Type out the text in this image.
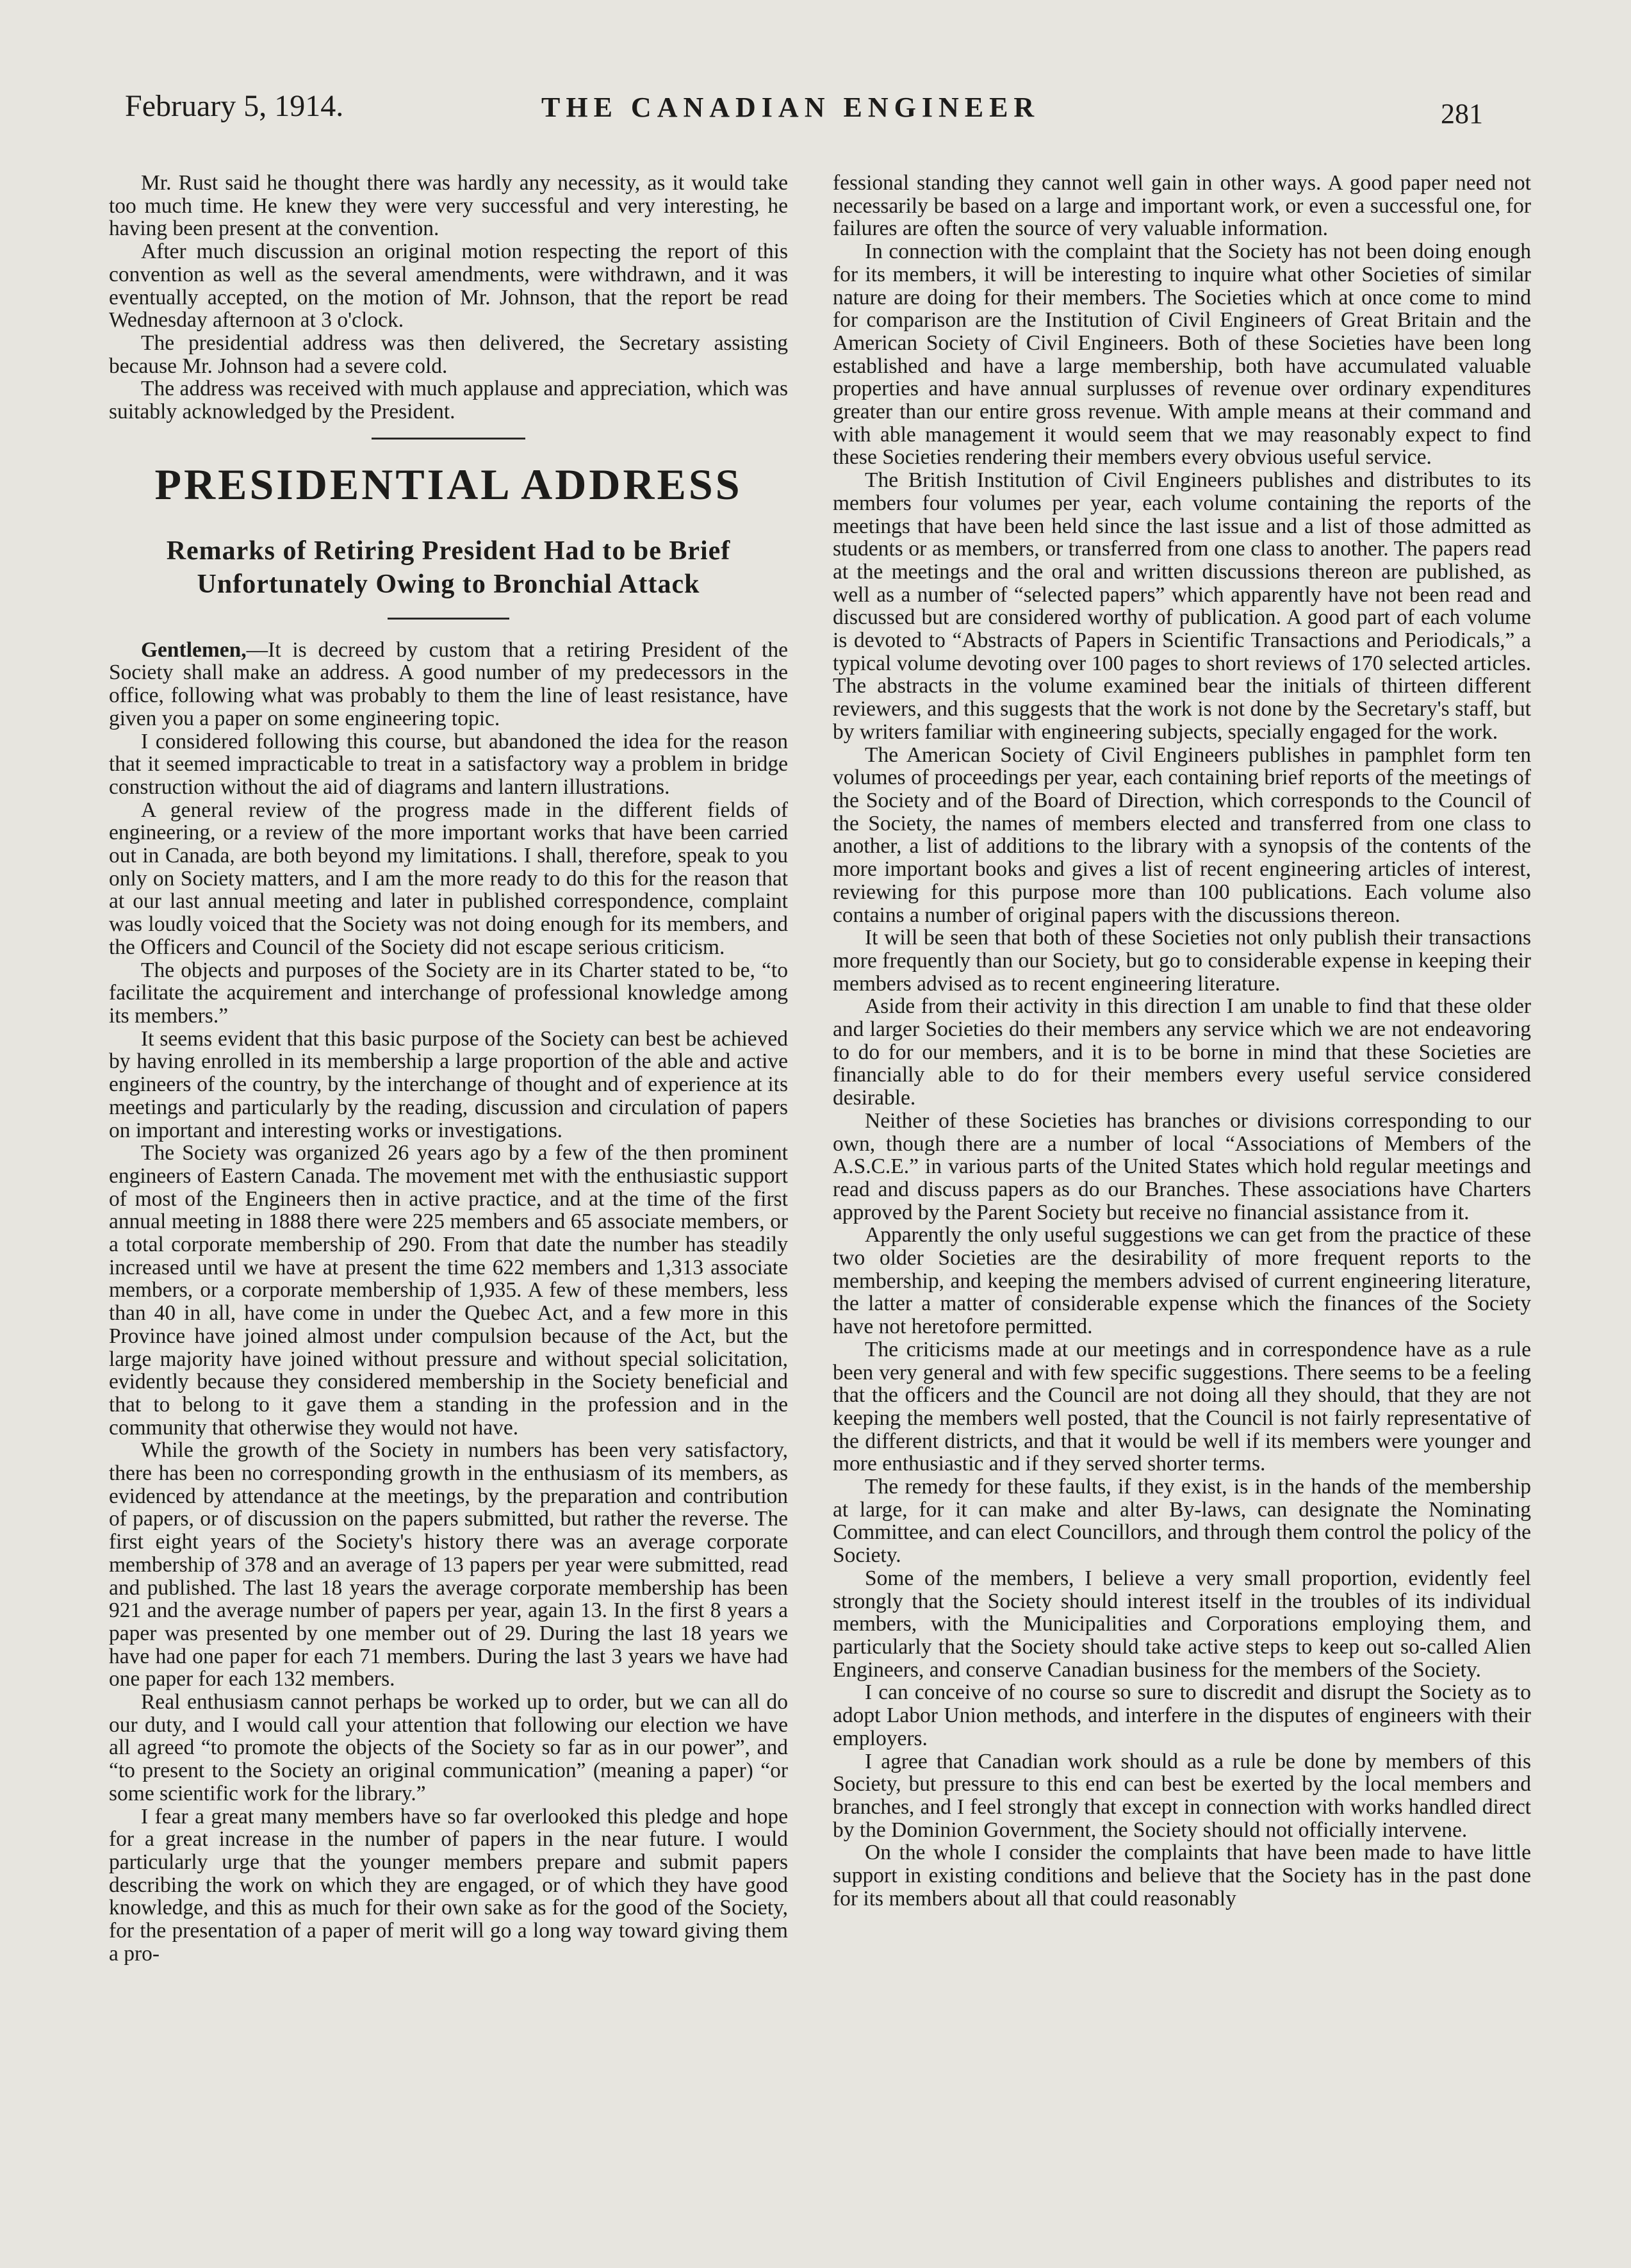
February 5, 1914.	THE CANADIAN ENGINEER	281

Mr. Rust said he thought there was hardly any necessity, as it would take too much time. He knew they were very successful and very interesting, he having been present at the convention.

After much discussion an original motion respecting the report of this convention as well as the several amendments, were withdrawn, and it was eventually accepted, on the motion of Mr. Johnson, that the report be read Wednesday afternoon at 3 o'clock.

The presidential address was then delivered, the Secretary assisting because Mr. Johnson had a severe cold.

The address was received with much applause and appreciation, which was suitably acknowledged by the President.

PRESIDENTIAL ADDRESS
Remarks of Retiring President Had to be Brief Unfortunately Owing to Bronchial Attack

Gentlemen,—It is decreed by custom that a retiring President of the Society shall make an address. A good number of my predecessors in the office, following what was probably to them the line of least resistance, have given you a paper on some engineering topic.

I considered following this course, but abandoned the idea for the reason that it seemed impracticable to treat in a satisfactory way a problem in bridge construction without the aid of diagrams and lantern illustrations.

A general review of the progress made in the different fields of engineering, or a review of the more important works that have been carried out in Canada, are both beyond my limitations. I shall, therefore, speak to you only on Society matters, and I am the more ready to do this for the reason that at our last annual meeting and later in published correspondence, complaint was loudly voiced that the Society was not doing enough for its members, and the Officers and Council of the Society did not escape serious criticism.

The objects and purposes of the Society are in its Charter stated to be, “to facilitate the acquirement and interchange of professional knowledge among its members.”

It seems evident that this basic purpose of the Society can best be achieved by having enrolled in its membership a large proportion of the able and active engineers of the country, by the interchange of thought and of experience at its meetings and particularly by the reading, discussion and circulation of papers on important and interesting works or investigations.

The Society was organized 26 years ago by a few of the then prominent engineers of Eastern Canada. The movement met with the enthusiastic support of most of the Engineers then in active practice, and at the time of the first annual meeting in 1888 there were 225 members and 65 associate members, or a total corporate membership of 290. From that date the number has steadily increased until we have at present the time 622 members and 1,313 associate members, or a corporate membership of 1,935. A few of these members, less than 40 in all, have come in under the Quebec Act, and a few more in this Province have joined almost under compulsion because of the Act, but the large majority have joined without pressure and without special solicitation, evidently because they considered membership in the Society beneficial and that to belong to it gave them a standing in the profession and in the community that otherwise they would not have.

While the growth of the Society in numbers has been very satisfactory, there has been no corresponding growth in the enthusiasm of its members, as evidenced by attendance at the meetings, by the preparation and contribution of papers, or of discussion on the papers submitted, but rather the reverse. The first eight years of the Society's history there was an average corporate membership of 378 and an average of 13 papers per year were submitted, read and published. The last 18 years the average corporate membership has been 921 and the average number of papers per year, again 13. In the first 8 years a paper was presented by one member out of 29. During the last 18 years we have had one paper for each 71 members. During the last 3 years we have had one paper for each 132 members.

Real enthusiasm cannot perhaps be worked up to order, but we can all do our duty, and I would call your attention that following our election we have all agreed “to promote the objects of the Society so far as in our power”, and “to present to the Society an original communication” (meaning a paper) “or some scientific work for the library.”

I fear a great many members have so far overlooked this pledge and hope for a great increase in the number of papers in the near future. I would particularly urge that the younger members prepare and submit papers describing the work on which they are engaged, or of which they have good knowledge, and this as much for their own sake as for the good of the Society, for the presentation of a paper of merit will go a long way toward giving them a pro-

fessional standing they cannot well gain in other ways. A good paper need not necessarily be based on a large and important work, or even a successful one, for failures are often the source of very valuable information.

In connection with the complaint that the Society has not been doing enough for its members, it will be interesting to inquire what other Societies of similar nature are doing for their members. The Societies which at once come to mind for comparison are the Institution of Civil Engineers of Great Britain and the American Society of Civil Engineers. Both of these Societies have been long established and have a large membership, both have accumulated valuable properties and have annual surplusses of revenue over ordinary expenditures greater than our entire gross revenue. With ample means at their command and with able management it would seem that we may reasonably expect to find these Societies rendering their members every obvious useful service.

The British Institution of Civil Engineers publishes and distributes to its members four volumes per year, each volume containing the reports of the meetings that have been held since the last issue and a list of those admitted as students or as members, or transferred from one class to another. The papers read at the meetings and the oral and written discussions thereon are published, as well as a number of “selected papers” which apparently have not been read and discussed but are considered worthy of publication. A good part of each volume is devoted to “Abstracts of Papers in Scientific Transactions and Periodicals,” a typical volume devoting over 100 pages to short reviews of 170 selected articles. The abstracts in the volume examined bear the initials of thirteen different reviewers, and this suggests that the work is not done by the Secretary's staff, but by writers familiar with engineering subjects, specially engaged for the work.

The American Society of Civil Engineers publishes in pamphlet form ten volumes of proceedings per year, each containing brief reports of the meetings of the Society and of the Board of Direction, which corresponds to the Council of the Society, the names of members elected and transferred from one class to another, a list of additions to the library with a synopsis of the contents of the more important books and gives a list of recent engineering articles of interest, reviewing for this purpose more than 100 publications. Each volume also contains a number of original papers with the discussions thereon.

It will be seen that both of these Societies not only publish their transactions more frequently than our Society, but go to considerable expense in keeping their members advised as to recent engineering literature.

Aside from their activity in this direction I am unable to find that these older and larger Societies do their members any service which we are not endeavoring to do for our members, and it is to be borne in mind that these Societies are financially able to do for their members every useful service considered desirable.

Neither of these Societies has branches or divisions corresponding to our own, though there are a number of local “Associations of Members of the A.S.C.E.” in various parts of the United States which hold regular meetings and read and discuss papers as do our Branches. These associations have Charters approved by the Parent Society but receive no financial assistance from it.

Apparently the only useful suggestions we can get from the practice of these two older Societies are the desirability of more frequent reports to the membership, and keeping the members advised of current engineering literature, the latter a matter of considerable expense which the finances of the Society have not heretofore permitted.

The criticisms made at our meetings and in correspondence have as a rule been very general and with few specific suggestions. There seems to be a feeling that the officers and the Council are not doing all they should, that they are not keeping the members well posted, that the Council is not fairly representative of the different districts, and that it would be well if its members were younger and more enthusiastic and if they served shorter terms.

The remedy for these faults, if they exist, is in the hands of the membership at large, for it can make and alter By-laws, can designate the Nominating Committee, and can elect Councillors, and through them control the policy of the Society.

Some of the members, I believe a very small proportion, evidently feel strongly that the Society should interest itself in the troubles of its individual members, with the Municipalities and Corporations employing them, and particularly that the Society should take active steps to keep out so-called Alien Engineers, and conserve Canadian business for the members of the Society.

I can conceive of no course so sure to discredit and disrupt the Society as to adopt Labor Union methods, and interfere in the disputes of engineers with their employers.

I agree that Canadian work should as a rule be done by members of this Society, but pressure to this end can best be exerted by the local members and branches, and I feel strongly that except in connection with works handled direct by the Dominion Government, the Society should not officially intervene.

On the whole I consider the complaints that have been made to have little support in existing conditions and believe that the Society has in the past done for its members about all that could reasonably
